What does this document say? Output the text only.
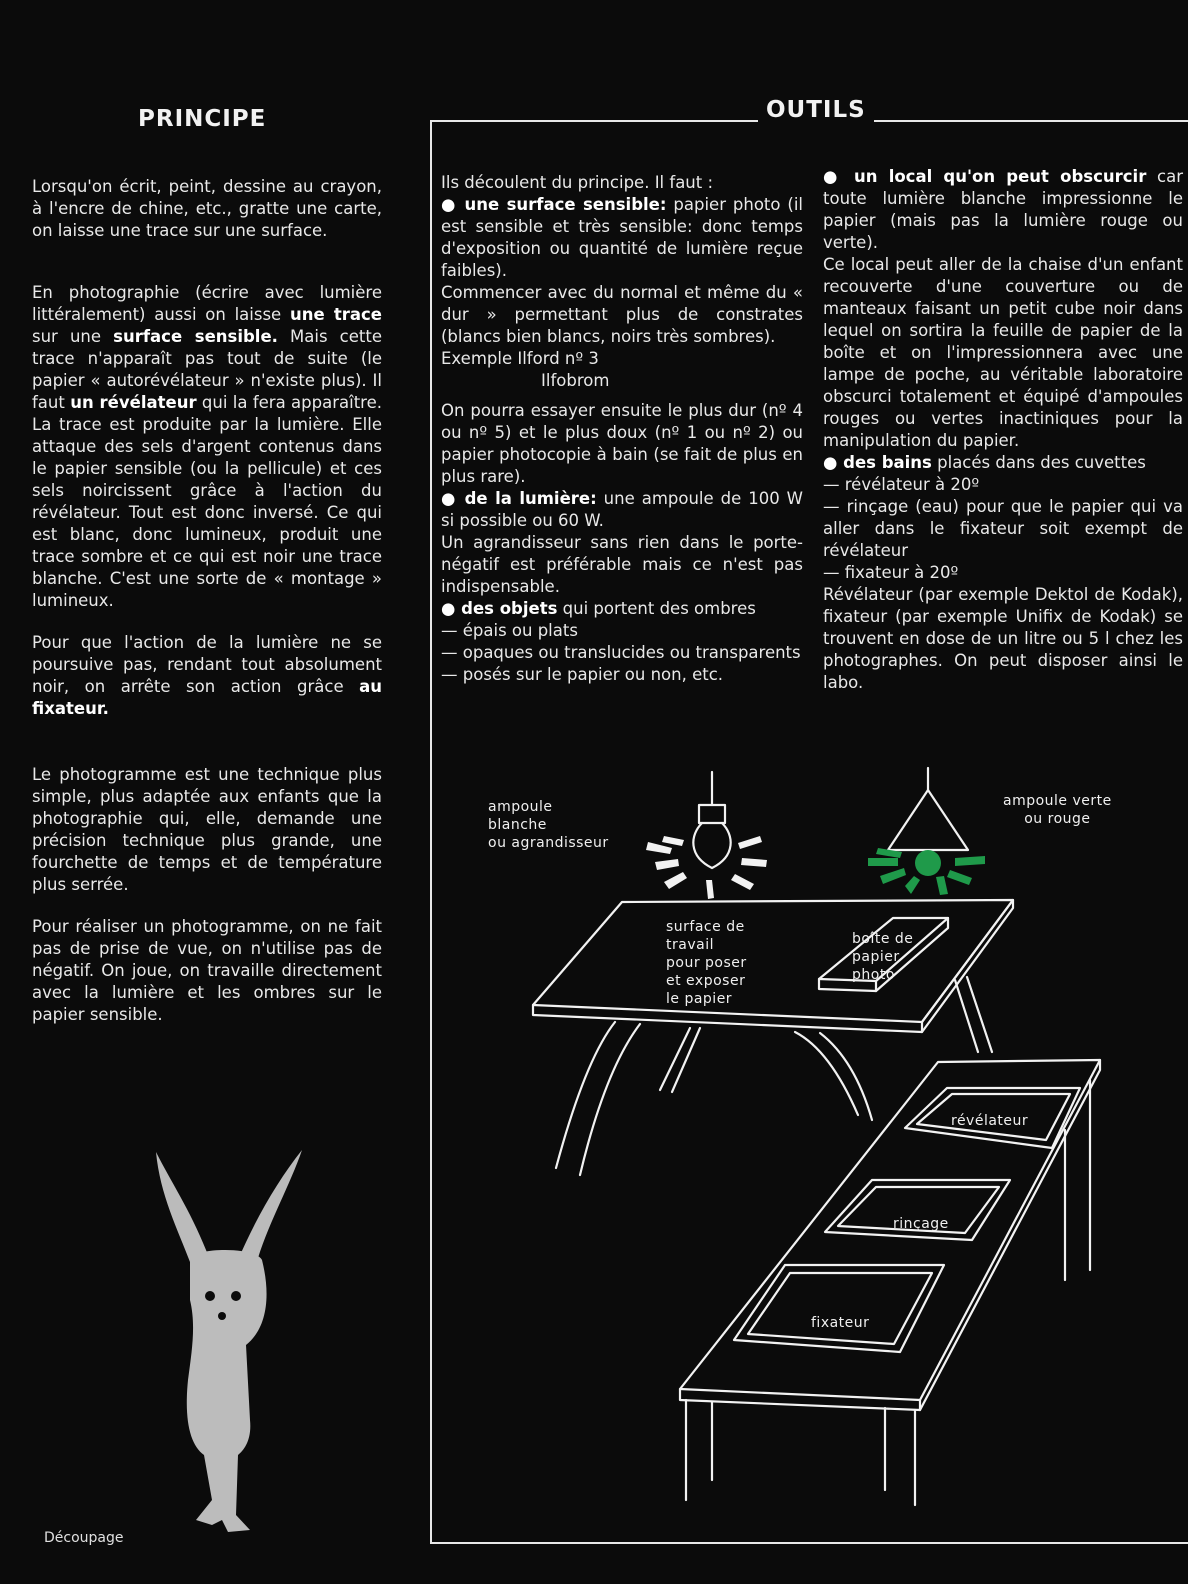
PRINCIPE

Lorsqu'on écrit, peint, dessine au crayon, à l'encre de chine, etc., gratte une carte, on laisse une trace sur une surface.

En photographie (écrire avec lumière littéralement) aussi on laisse une trace sur une surface sensible. Mais cette trace n'apparaît pas tout de suite (le papier « autorévélateur » n'existe plus). Il faut un révélateur qui la fera apparaître. La trace est produite par la lumière. Elle attaque des sels d'argent contenus dans le papier sensible (ou la pellicule) et ces sels noircissent grâce à l'action du révélateur. Tout est donc inversé. Ce qui est blanc, donc lumineux, produit une trace sombre et ce qui est noir une trace blanche. C'est une sorte de « montage » lumineux.

Pour que l'action de la lumière ne se poursuive pas, rendant tout absolument noir, on arrête son action grâce au fixateur.

Le photogramme est une technique plus simple, plus adaptée aux enfants que la photographie qui, elle, demande une précision technique plus grande, une fourchette de temps et de température plus serrée.

Pour réaliser un photogramme, on ne fait pas de prise de vue, on n'utilise pas de négatif. On joue, on travaille directement avec la lumière et les ombres sur le papier sensible.

OUTILS

Ils découlent du principe. Il faut :

● une surface sensible: papier photo (il est sensible et très sensible: donc temps d'exposition ou quantité de lumière reçue faibles).

Commencer avec du normal et même du « dur » permettant plus de constrates (blancs bien blancs, noirs très sombres).

Exemple Ilford nº 3

Ilfobrom

On pourra essayer ensuite le plus dur (nº 4 ou nº 5) et le plus doux (nº 1 ou nº 2) ou papier photocopie à bain (se fait de plus en plus rare).

● de la lumière: une ampoule de 100 W si possible ou 60 W.

Un agrandisseur sans rien dans le porte-négatif est préférable mais ce n'est pas indispensable.

● des objets qui portent des ombres

— épais ou plats

— opaques ou translucides ou transparents

— posés sur le papier ou non, etc.

● un local qu'on peut obscurcir car toute lumière blanche impressionne le papier (mais pas la lumière rouge ou verte).

Ce local peut aller de la chaise d'un enfant recouverte d'une couverture ou de manteaux faisant un petit cube noir dans lequel on sortira la feuille de papier de la boîte et on l'impressionnera avec une lampe de poche, au véritable laboratoire obscurci totalement et équipé d'ampoules rouges ou vertes inactiniques pour la manipulation du papier.

● des bains placés dans des cuvettes

— révélateur à 20º

— rinçage (eau) pour que le papier qui va aller dans le fixateur soit exempt de révélateur

— fixateur à 20º

Révélateur (par exemple Dektol de Kodak), fixateur (par exemple Unifix de Kodak) se trouvent en dose de un litre ou 5 l chez les photographes. On peut disposer ainsi le labo.

ampoule
blanche
ou agrandisseur
ampoule verte
ou rouge
surface de
travail
pour poser
et exposer
le papier
boîte de
papier
photo
révélateur
rinçage
fixateur
Découpage
